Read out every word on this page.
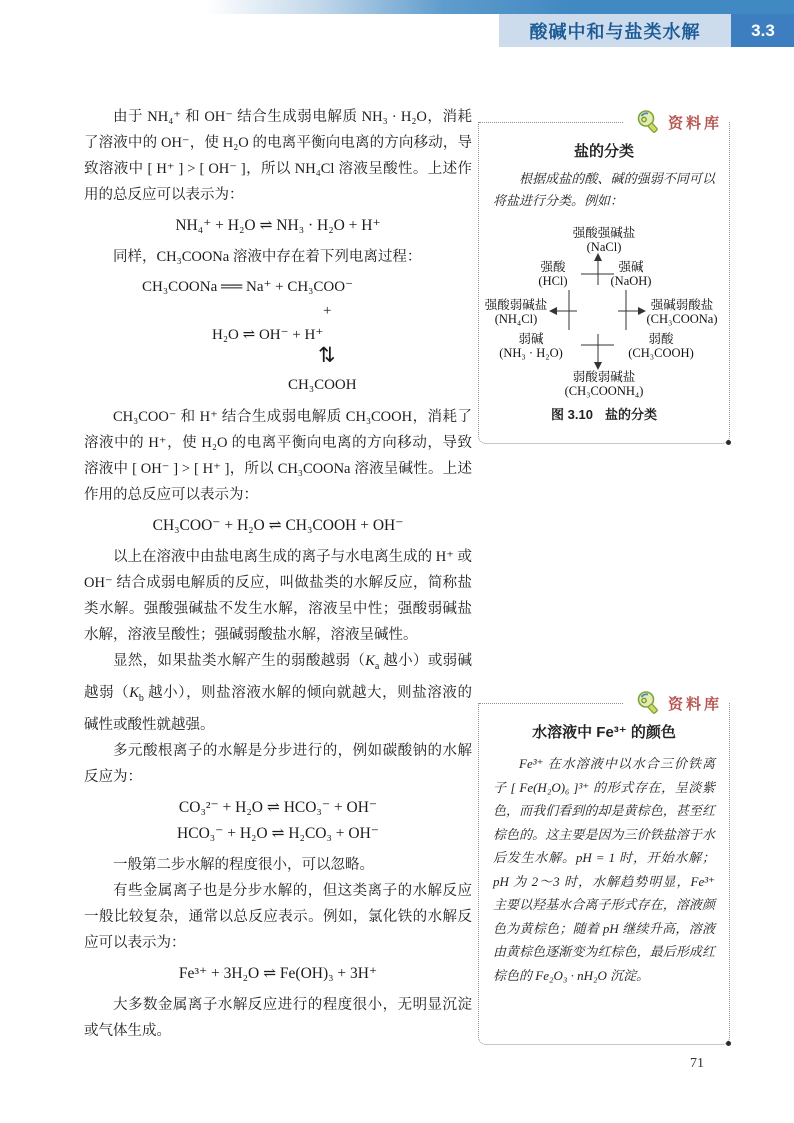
酸碱中和与盐类水解	3.3

由于 NH₄⁺ 和 OH⁻ 结合生成弱电解质 NH₃ · H₂O，消耗了溶液中的 OH⁻，使 H₂O 的电离平衡向电离的方向移动，导致溶液中 [ H⁺ ] > [ OH⁻ ]，所以 NH₄Cl 溶液呈酸性。上述作用的总反应可以表示为：

NH₄⁺ + H₂O ⇌ NH₃ · H₂O + H⁺

同样，CH₃COONa 溶液中存在着下列电离过程：

CH₃COONa ══ Na⁺ + CH₃COO⁻
+
H₂O ⇌ OH⁻ + H⁺
⇅
CH₃COOH

CH₃COO⁻ 和 H⁺ 结合生成弱电解质 CH₃COOH，消耗了溶液中的 H⁺，使 H₂O 的电离平衡向电离的方向移动，导致溶液中 [ OH⁻ ] > [ H⁺ ]，所以 CH₃COONa 溶液呈碱性。上述作用的总反应可以表示为：

CH₃COO⁻ + H₂O ⇌ CH₃COOH + OH⁻

以上在溶液中由盐电离生成的离子与水电离生成的 H⁺ 或 OH⁻ 结合成弱电解质的反应，叫做盐类的水解反应，简称盐类水解。强酸强碱盐不发生水解，溶液呈中性；强酸弱碱盐水解，溶液呈酸性；强碱弱酸盐水解，溶液呈碱性。

显然，如果盐类水解产生的弱酸越弱（$K_a$ 越小）或弱碱越弱（$K_b$ 越小），则盐溶液水解的倾向就越大，则盐溶液的碱性或酸性就越强。

多元酸根离子的水解是分步进行的，例如碳酸钠的水解反应为：

CO₃²⁻ + H₂O ⇌ HCO₃⁻ + OH⁻

HCO₃⁻ + H₂O ⇌ H₂CO₃ + OH⁻

一般第二步水解的程度很小，可以忽略。

有些金属离子也是分步水解的，但这类离子的水解反应一般比较复杂，通常以总反应表示。例如，氯化铁的水解反应可以表示为：

Fe³⁺ + 3H₂O ⇌ Fe(OH)₃ + 3H⁺

大多数金属离子水解反应进行的程度很小，无明显沉淀或气体生成。

资料库
盐的分类
根据成盐的酸、碱的强弱不同可以将盐进行分类。例如：
强酸强碱盐
(NaCl)
强酸
(HCl)
强碱
(NaOH)
强酸弱碱盐
(NH₄Cl)
强碱弱酸盐
(CH₃COONa)
弱碱
(NH₃ · H₂O)
弱酸
(CH₃COOH)
弱酸弱碱盐
(CH₃COONH₄)
图 3.10 盐的分类
资料库
水溶液中 Fe³⁺ 的颜色
Fe³⁺ 在水溶液中以水合三价铁离子 [ Fe(H₂O)₆ ]³⁺ 的形式存在，呈淡紫色，而我们看到的却是黄棕色，甚至红棕色的。这主要是因为三价铁盐溶于水后发生水解。pH = 1 时，开始水解；pH 为 2～3 时，水解趋势明显，Fe³⁺ 主要以羟基水合离子形式存在，溶液颜色为黄棕色；随着 pH 继续升高，溶液由黄棕色逐渐变为红棕色，最后形成红棕色的 Fe₂O₃ · nH₂O 沉淀。
71
